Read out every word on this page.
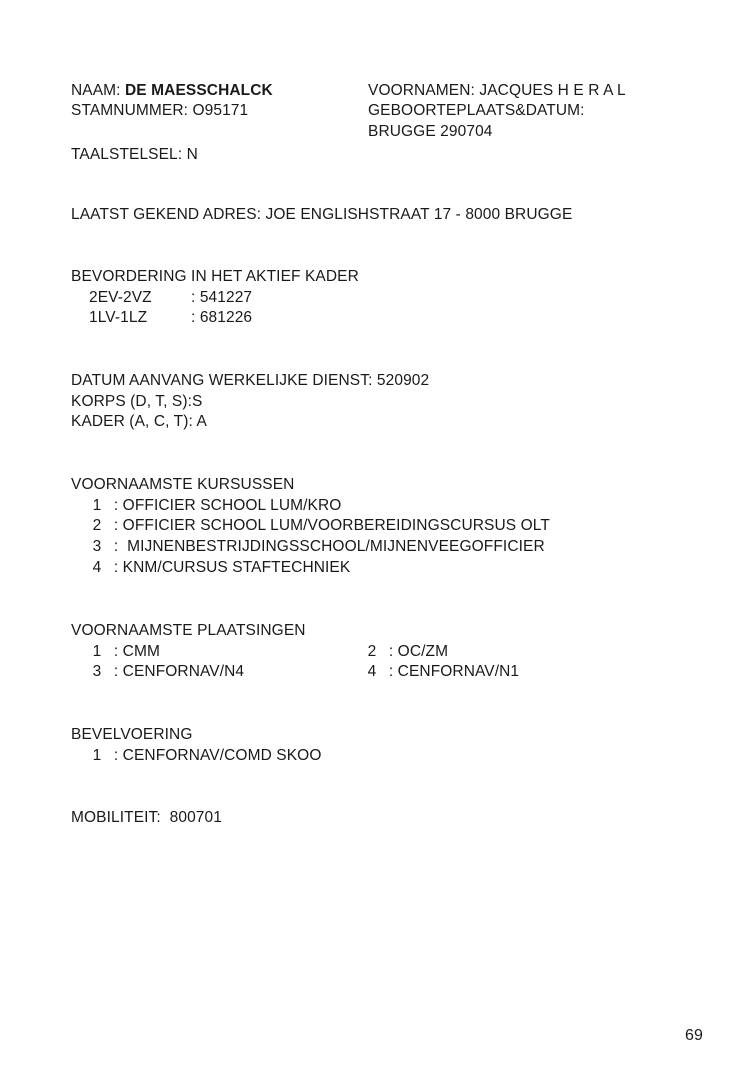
NAAM: DE MAESSCHALCK
STAMNUMMER: O95171
VOORNAMEN: JACQUES H E R A L
GEBOORTEPLAATS&DATUM:
BRUGGE 290704
TAALSTELSEL: N
LAATST GEKEND ADRES: JOE ENGLISHSTRAAT 17 - 8000 BRUGGE
BEVORDERING IN HET AKTIEF KADER
2EV-2VZ	: 541227
1LV-1LZ	: 681226
DATUM AANVANG WERKELIJKE DIENST: 520902
KORPS (D, T, S):S
KADER (A, C, T): A
VOORNAAMSTE KURSUSSEN
1 : OFFICIER SCHOOL LUM/KRO
2 : OFFICIER SCHOOL LUM/VOORBEREIDINGSCURSUS OLT
3 : MIJNENBESTRIJDINGSSCHOOL/MIJNENVEEGOFFICIER
4 : KNM/CURSUS STAFTECHNIEK
VOORNAAMSTE PLAATSINGEN
1 : CMM	2 : OC/ZM
3 : CENFORNAV/N4	4 : CENFORNAV/N1
BEVELVOERING
1 : CENFORNAV/COMD SKOO
MOBILITEIT: 800701
69
